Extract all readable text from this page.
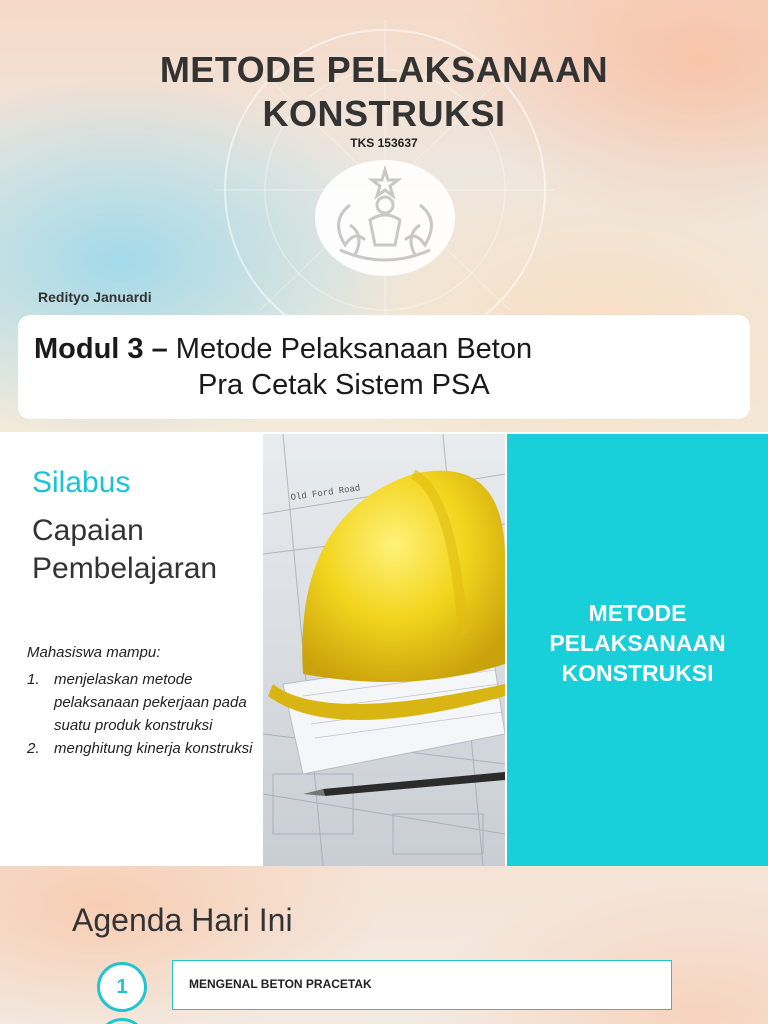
METODE PELAKSANAAN
KONSTRUKSI
TKS 153637
Redityo Januardi
Modul 3 – Metode Pelaksanaan Beton
Pra Cetak Sistem PSA
Silabus
Capaian Pembelajaran
Mahasiswa mampu:
1. menjelaskan metode pelaksanaan pekerjaan pada suatu produk konstruksi
2. menghitung kinerja konstruksi
Old Ford Road
METODE
PELAKSANAAN
KONSTRUKSI
Agenda Hari Ini
1	MENGENAL BETON PRACETAK
